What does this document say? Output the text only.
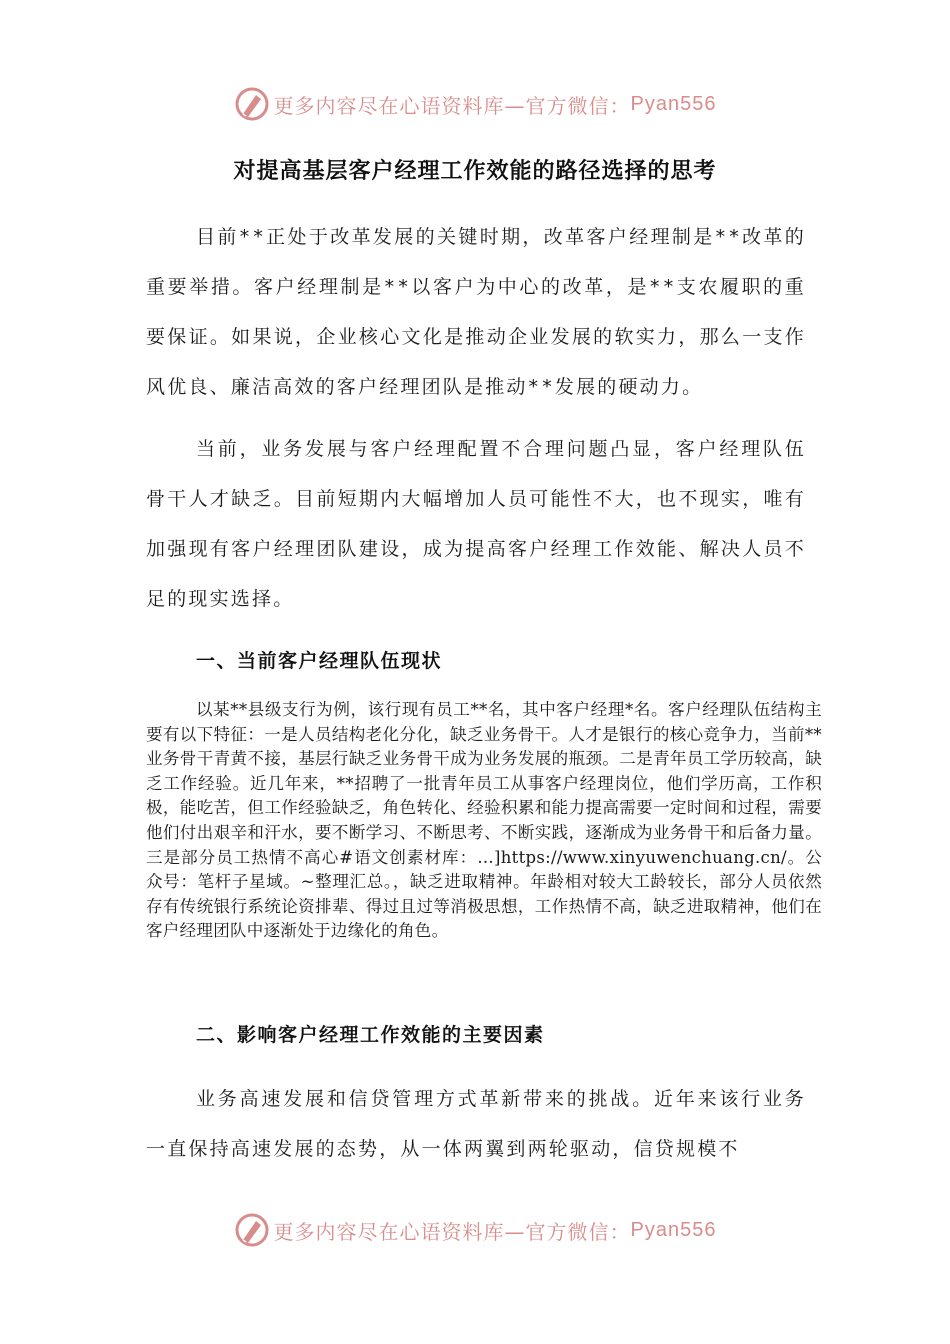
更多内容尽在心语资料库—官方微信： Pyan556
对提高基层客户经理工作效能的路径选择的思考

目前**正处于改革发展的关键时期，改革客户经理制是**改革的重要举措。客户经理制是**以客户为中心的改革，是**支农履职的重要保证。如果说，企业核心文化是推动企业发展的软实力，那么一支作风优良、廉洁高效的客户经理团队是推动**发展的硬动力。

当前，业务发展与客户经理配置不合理问题凸显，客户经理队伍骨干人才缺乏。目前短期内大幅增加人员可能性不大，也不现实，唯有加强现有客户经理团队建设，成为提高客户经理工作效能、解决人员不足的现实选择。

一、当前客户经理队伍现状

以某**县级支行为例，该行现有员工**名，其中客户经理*名。客户经理队伍结构主要有以下特征：一是人员结构老化分化，缺乏业务骨干。人才是银行的核心竞争力，当前**业务骨干青黄不接，基层行缺乏业务骨干成为业务发展的瓶颈。二是青年员工学历较高，缺乏工作经验。近几年来，**招聘了一批青年员工从事客户经理岗位，他们学历高，工作积极，能吃苦，但工作经验缺乏，角色转化、经验积累和能力提高需要一定时间和过程，需要他们付出艰辛和汗水，要不断学习、不断思考、不断实践，逐渐成为业务骨干和后备力量。三是部分员工热情不高心#语文创素材库：…]https://www.xinyuwenchuang.cn/。公众号：笔杆子星域。~整理汇总。，缺乏进取精神。年龄相对较大工龄较长，部分人员依然存有传统银行系统论资排辈、得过且过等消极思想，工作热情不高，缺乏进取精神，他们在客户经理团队中逐渐处于边缘化的角色。

二、影响客户经理工作效能的主要因素

业务高速发展和信贷管理方式革新带来的挑战。近年来该行业务一直保持高速发展的态势，从一体两翼到两轮驱动，信贷规模不

更多内容尽在心语资料库—官方微信： Pyan556
